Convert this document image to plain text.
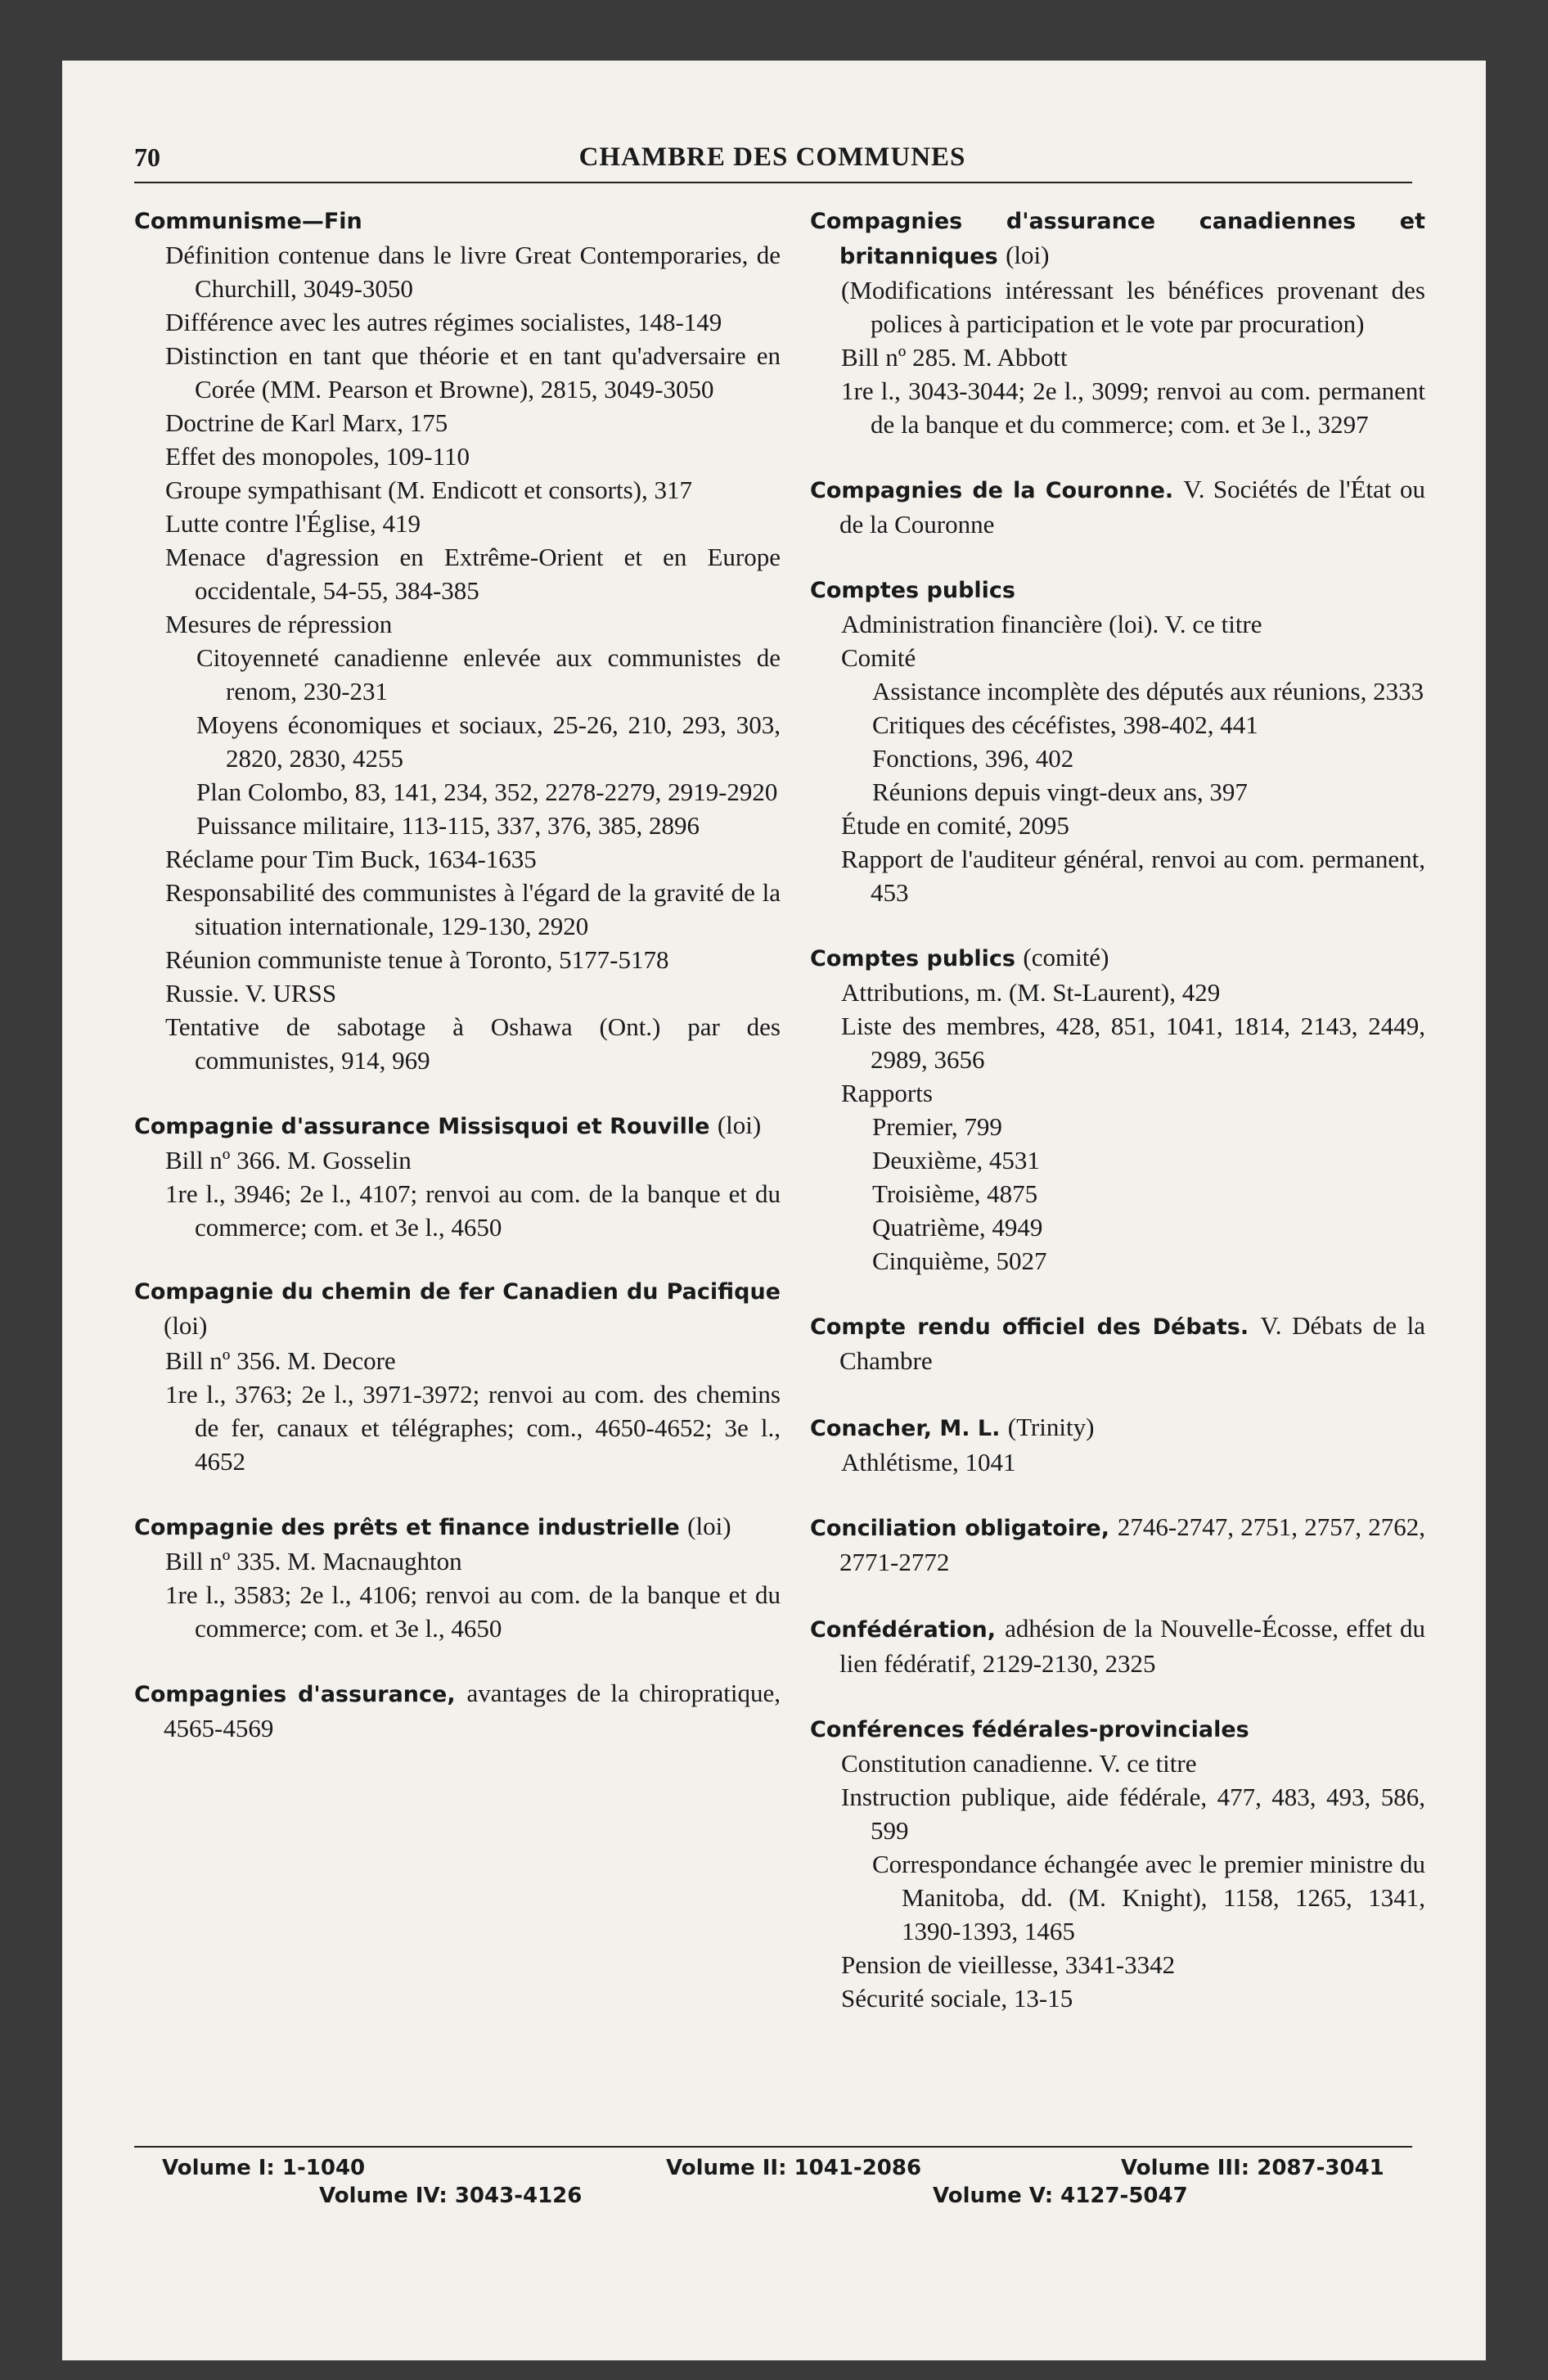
70	CHAMBRE DES COMMUNES
Communisme—Fin
Définition contenue dans le livre Great Contemporaries, de Churchill, 3049-3050
Différence avec les autres régimes socialistes, 148-149
Distinction en tant que théorie et en tant qu'adversaire en Corée (MM. Pearson et Browne), 2815, 3049-3050
Doctrine de Karl Marx, 175
Effet des monopoles, 109-110
Groupe sympathisant (M. Endicott et consorts), 317
Lutte contre l'Église, 419
Menace d'agression en Extrême-Orient et en Europe occidentale, 54-55, 384-385
Mesures de répression
Citoyenneté canadienne enlevée aux communistes de renom, 230-231
Moyens économiques et sociaux, 25-26, 210, 293, 303, 2820, 2830, 4255
Plan Colombo, 83, 141, 234, 352, 2278-2279, 2919-2920
Puissance militaire, 113-115, 337, 376, 385, 2896
Réclame pour Tim Buck, 1634-1635
Responsabilité des communistes à l'égard de la gravité de la situation internationale, 129-130, 2920
Réunion communiste tenue à Toronto, 5177-5178
Russie. V. URSS
Tentative de sabotage à Oshawa (Ont.) par des communistes, 914, 969
Compagnie d'assurance Missisquoi et Rouville (loi)
Bill nº 366. M. Gosselin
1re l., 3946; 2e l., 4107; renvoi au com. de la banque et du commerce; com. et 3e l., 4650
Compagnie du chemin de fer Canadien du Pacifique (loi)
Bill nº 356. M. Decore
1re l., 3763; 2e l., 3971-3972; renvoi au com. des chemins de fer, canaux et télégraphes; com., 4650-4652; 3e l., 4652
Compagnie des prêts et finance industrielle (loi)
Bill nº 335. M. Macnaughton
1re l., 3583; 2e l., 4106; renvoi au com. de la banque et du commerce; com. et 3e l., 4650
Compagnies d'assurance, avantages de la chiropratique, 4565-4569
Compagnies d'assurance canadiennes et britanniques (loi)
(Modifications intéressant les bénéfices provenant des polices à participation et le vote par procuration)
Bill nº 285. M. Abbott
1re l., 3043-3044; 2e l., 3099; renvoi au com. permanent de la banque et du commerce; com. et 3e l., 3297
Compagnies de la Couronne. V. Sociétés de l'État ou de la Couronne
Comptes publics
Administration financière (loi). V. ce titre
Comité
Assistance incomplète des députés aux réunions, 2333
Critiques des cécéfistes, 398-402, 441
Fonctions, 396, 402
Réunions depuis vingt-deux ans, 397
Étude en comité, 2095
Rapport de l'auditeur général, renvoi au com. permanent, 453
Comptes publics (comité)
Attributions, m. (M. St-Laurent), 429
Liste des membres, 428, 851, 1041, 1814, 2143, 2449, 2989, 3656
Rapports
Premier, 799
Deuxième, 4531
Troisième, 4875
Quatrième, 4949
Cinquième, 5027
Compte rendu officiel des Débats. V. Débats de la Chambre
Conacher, M. L. (Trinity)
Athlétisme, 1041
Conciliation obligatoire, 2746-2747, 2751, 2757, 2762, 2771-2772
Confédération, adhésion de la Nouvelle-Écosse, effet du lien fédératif, 2129-2130, 2325
Conférences fédérales-provinciales
Constitution canadienne. V. ce titre
Instruction publique, aide fédérale, 477, 483, 493, 586, 599
Correspondance échangée avec le premier ministre du Manitoba, dd. (M. Knight), 1158, 1265, 1341, 1390-1393, 1465
Pension de vieillesse, 3341-3342
Sécurité sociale, 13-15
Volume I: 1-1040	Volume II: 1041-2086	Volume III: 2087-3041
Volume IV: 3043-4126	Volume V: 4127-5047
